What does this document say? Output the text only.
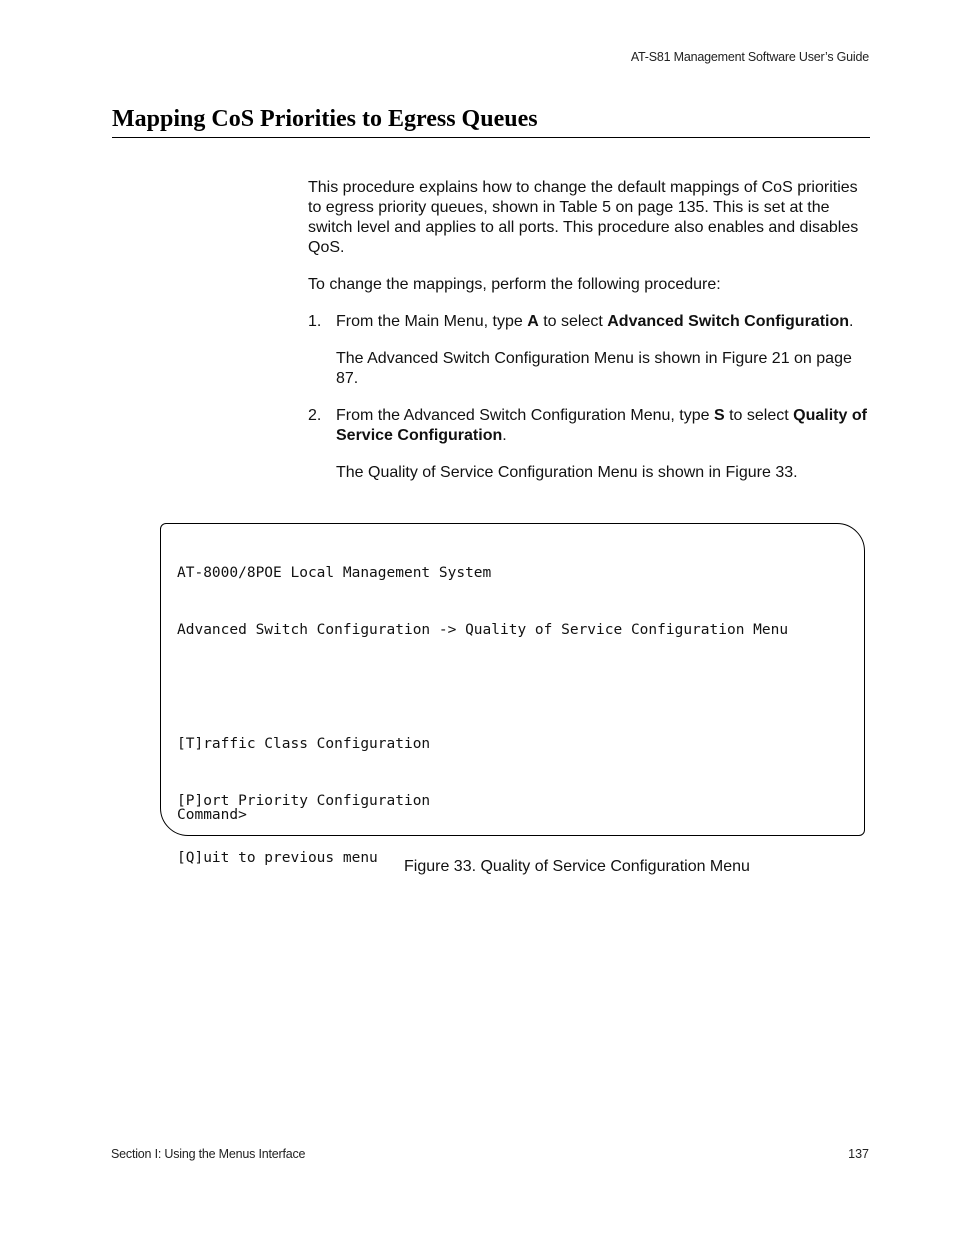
AT-S81 Management Software User’s Guide
Mapping CoS Priorities to Egress Queues

This procedure explains how to change the default mappings of CoS priorities to egress priority queues, shown in Table 5 on page 135. This is set at the switch level and applies to all ports. This procedure also enables and disables QoS.

To change the mappings, perform the following procedure:

1. From the Main Menu, type A to select Advanced Switch Configuration.

The Advanced Switch Configuration Menu is shown in Figure 21 on page 87.

2. From the Advanced Switch Configuration Menu, type S to select Quality of Service Configuration.

The Quality of Service Configuration Menu is shown in Figure 33.

AT-8000/8POE Local Management System

Advanced Switch Configuration -> Quality of Service Configuration Menu

[T]raffic Class Configuration

[P]ort Priority Configuration

[Q]uit to previous menu

Command>
Figure 33. Quality of Service Configuration Menu
Section I: Using the Menus Interface	137
